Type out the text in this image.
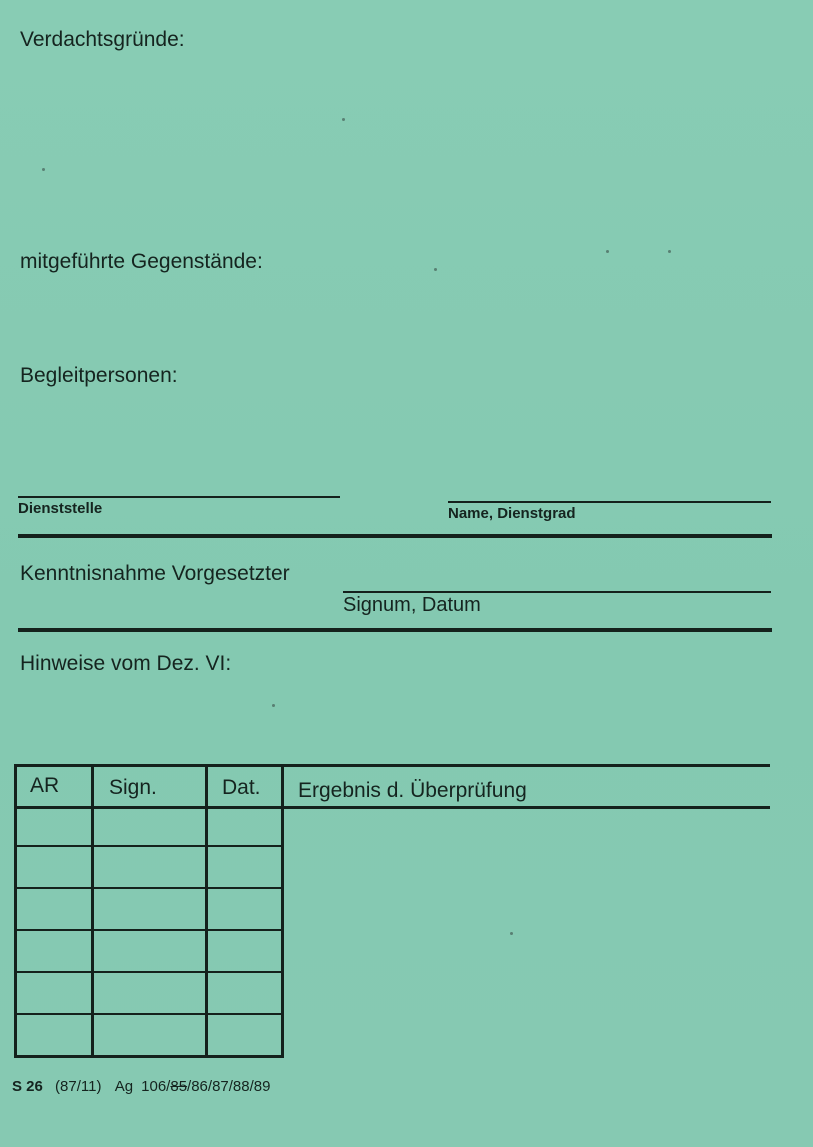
Verdachtsgründe:
mitgeführte Gegenstände:
Begleitpersonen:
Dienststelle	Name, Dienstgrad
Kenntnisnahme Vorgesetzter
Signum, Datum
Hinweise vom Dez. VI:
AR Sign.	Dat. Ergebnis d. Überprüfung
S 26 (87/11) Ag 106/85/86/87/88/89
